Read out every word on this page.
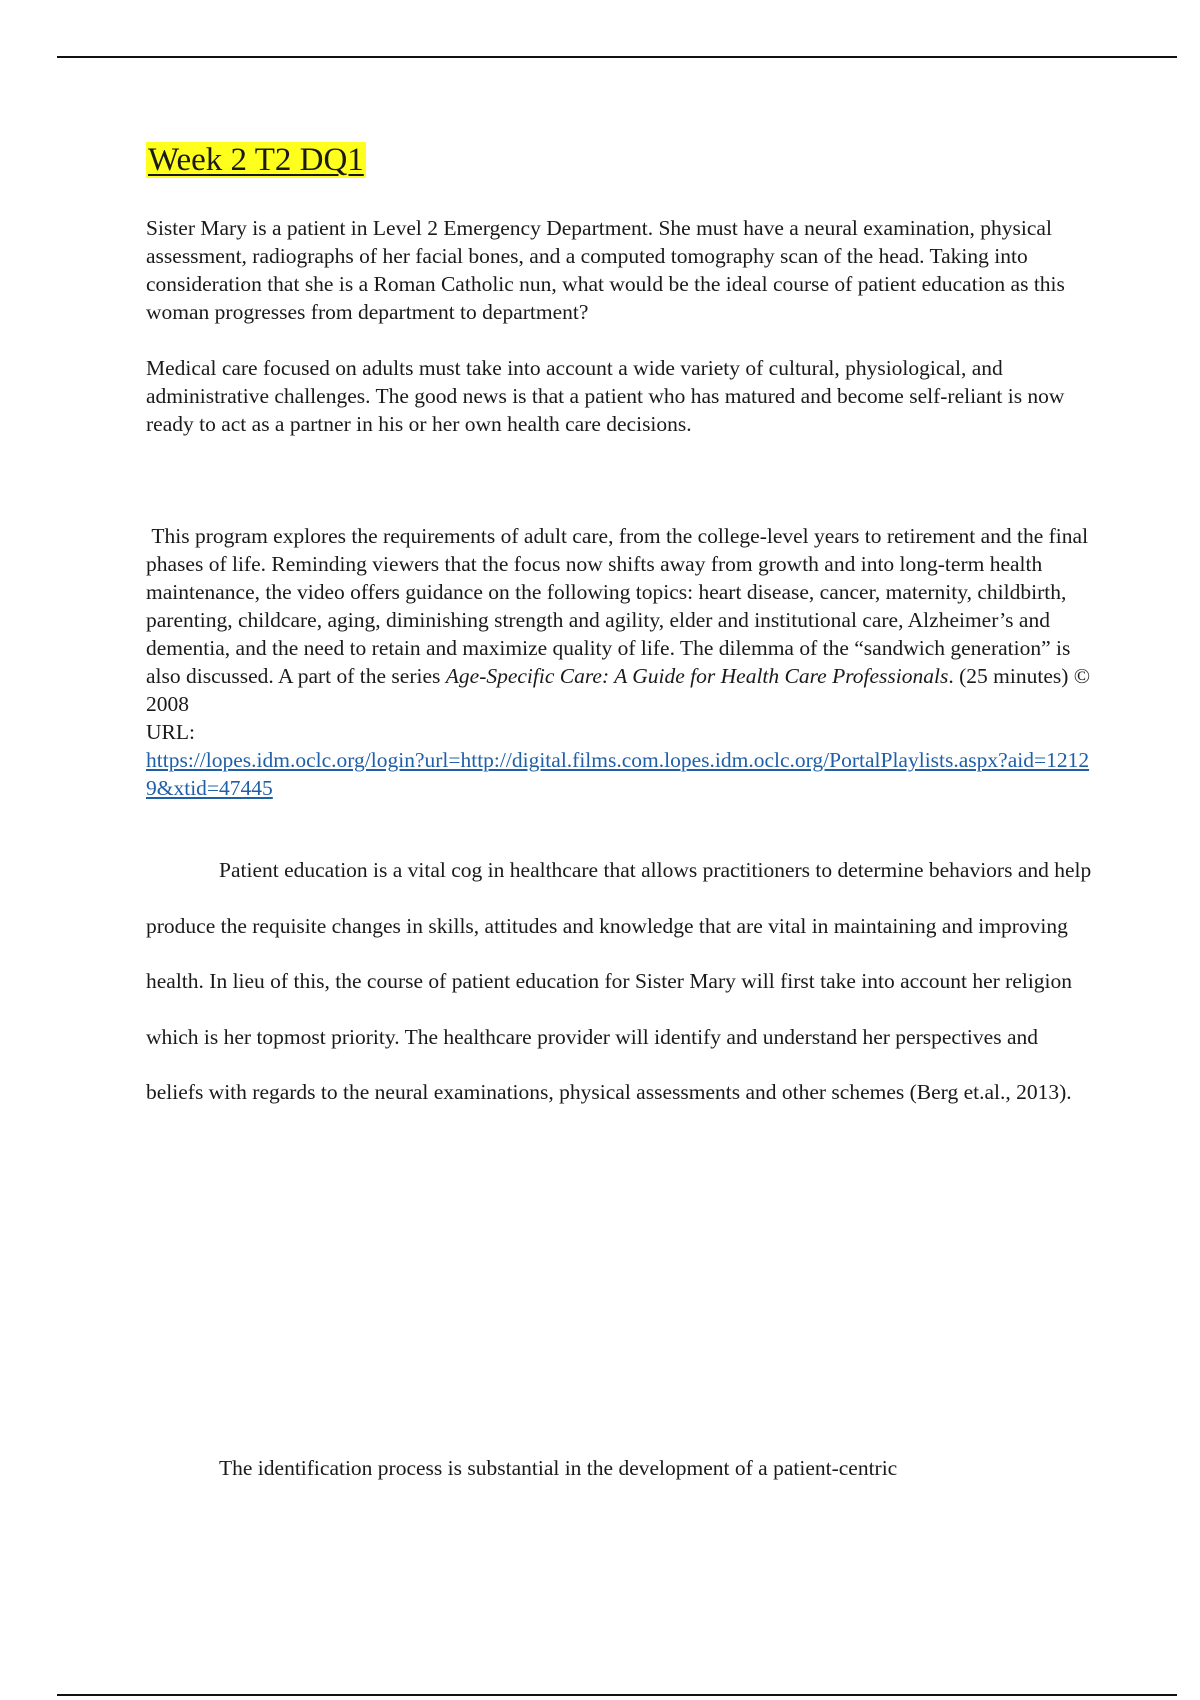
Week 2 T2 DQ1

Sister Mary is a patient in Level 2 Emergency Department. She must have a neural examination, physical assessment, radiographs of her facial bones, and a computed tomography scan of the head. Taking into consideration that she is a Roman Catholic nun, what would be the ideal course of patient education as this woman progresses from department to department?

Medical care focused on adults must take into account a wide variety of cultural, physiological, and administrative challenges. The good news is that a patient who has matured and become self-reliant is now ready to act as a partner in his or her own health care decisions.

This program explores the requirements of adult care, from the college-level years to retirement and the final phases of life. Reminding viewers that the focus now shifts away from growth and into long-term health maintenance, the video offers guidance on the following topics: heart disease, cancer, maternity, childbirth, parenting, childcare, aging, diminishing strength and agility, elder and institutional care, Alzheimer’s and dementia, and the need to retain and maximize quality of life. The dilemma of the “sandwich generation” is also discussed. A part of the series Age-Specific Care: A Guide for Health Care Professionals. (25 minutes) © 2008
URL:
https://lopes.idm.oclc.org/login?url=http://digital.films.com.lopes.idm.oclc.org/PortalPlaylists.aspx?aid=12129&xtid=47445

Patient education is a vital cog in healthcare that allows practitioners to determine behaviors and help produce the requisite changes in skills, attitudes and knowledge that are vital in maintaining and improving health. In lieu of this, the course of patient education for Sister Mary will first take into account her religion which is her topmost priority. The healthcare provider will identify and understand her perspectives and beliefs with regards to the neural examinations, physical assessments and other schemes (Berg et.al., 2013).

The identification process is substantial in the development of a patient-centric
